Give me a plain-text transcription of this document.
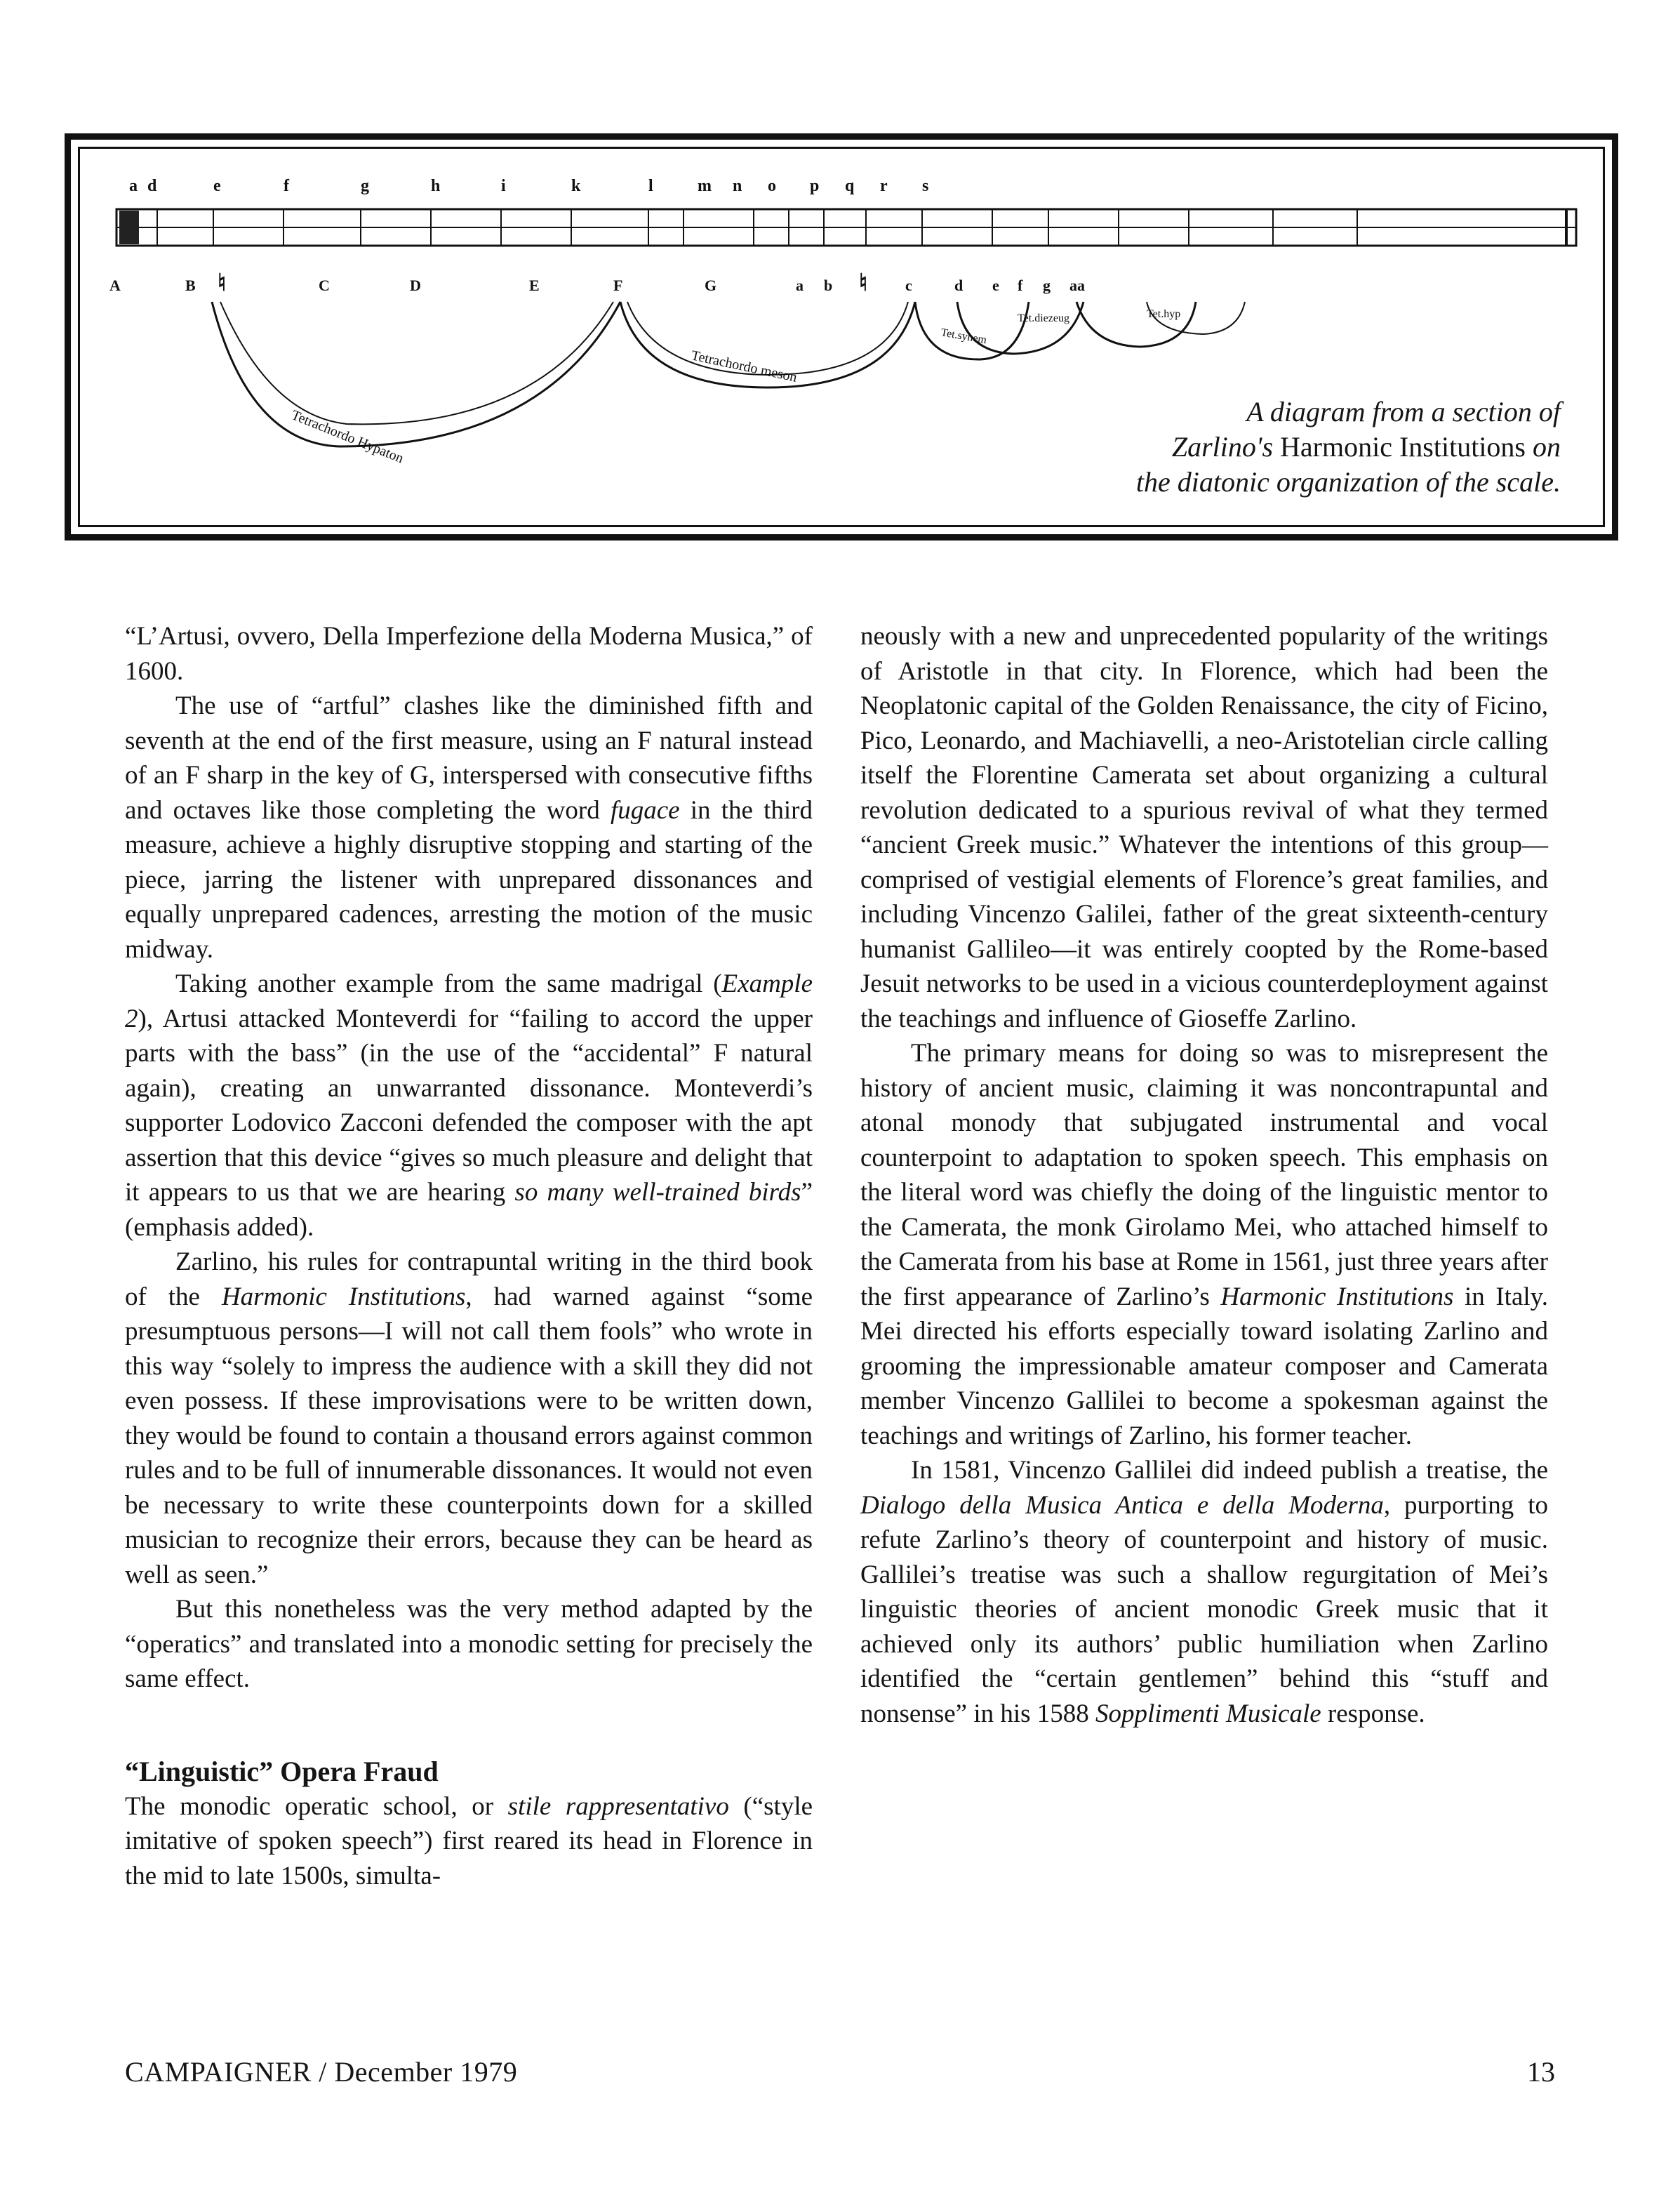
a d	e	f	g	h	i	k	l	m n o p q r s
A	B ♮	C	D	E	F	G	a b ♮ c	d e f g aa
Tetrachordo Hypaton
Tetrachordo meson
Tet.synem
Tet.diezeug	Tet.hyp
A diagram from a section of
Zarlino's Harmonic Institutions on
the diatonic organization of the scale.

“L’Artusi, ovvero, Della Imperfezione della Moderna Musica,” of 1600.

The use of “artful” clashes like the diminished fifth and seventh at the end of the first measure, using an F natural instead of an F sharp in the key of G, interspersed with consecutive fifths and octaves like those completing the word fugace in the third measure, achieve a highly disruptive stopping and starting of the piece, jarring the listener with unprepared dissonances and equally unprepared cadences, arresting the motion of the music midway.

Taking another example from the same madrigal (Example 2), Artusi attacked Monteverdi for “failing to accord the upper parts with the bass” (in the use of the “accidental” F natural again), creating an unwarranted dissonance. Monteverdi’s supporter Lodovico Zacconi defended the composer with the apt assertion that this device “gives so much pleasure and delight that it appears to us that we are hearing so many well-trained birds” (emphasis added).

Zarlino, his rules for contrapuntal writing in the third book of the Harmonic Institutions, had warned against “some presumptuous persons—I will not call them fools” who wrote in this way “solely to impress the audience with a skill they did not even possess. If these improvisations were to be written down, they would be found to contain a thousand errors against common rules and to be full of innumerable dissonances. It would not even be necessary to write these counterpoints down for a skilled musician to recognize their errors, because they can be heard as well as seen.”

But this nonetheless was the very method adapted by the “operatics” and translated into a monodic setting for precisely the same effect.

“Linguistic” Opera Fraud

The monodic operatic school, or stile rappresentativo (“style imitative of spoken speech”) first reared its head in Florence in the mid to late 1500s, simulta-

neously with a new and unprecedented popularity of the writings of Aristotle in that city. In Florence, which had been the Neoplatonic capital of the Golden Renaissance, the city of Ficino, Pico, Leonardo, and Machiavelli, a neo-Aristotelian circle calling itself the Florentine Camerata set about organizing a cultural revolution dedicated to a spurious revival of what they termed “ancient Greek music.” Whatever the intentions of this group—comprised of vestigial elements of Florence’s great families, and including Vincenzo Galilei, father of the great sixteenth-century humanist Gallileo—it was entirely coopted by the Rome-based Jesuit networks to be used in a vicious counterdeployment against the teachings and influence of Gioseffe Zarlino.

The primary means for doing so was to misrepresent the history of ancient music, claiming it was noncontrapuntal and atonal monody that subjugated instrumental and vocal counterpoint to adaptation to spoken speech. This emphasis on the literal word was chiefly the doing of the linguistic mentor to the Camerata, the monk Girolamo Mei, who attached himself to the Camerata from his base at Rome in 1561, just three years after the first appearance of Zarlino’s Harmonic Institutions in Italy. Mei directed his efforts especially toward isolating Zarlino and grooming the impressionable amateur composer and Camerata member Vincenzo Gallilei to become a spokesman against the teachings and writings of Zarlino, his former teacher.

In 1581, Vincenzo Gallilei did indeed publish a treatise, the Dialogo della Musica Antica e della Moderna, purporting to refute Zarlino’s theory of counterpoint and history of music. Gallilei’s treatise was such a shallow regurgitation of Mei’s linguistic theories of ancient monodic Greek music that it achieved only its authors’ public humiliation when Zarlino identified the “certain gentlemen” behind this “stuff and nonsense” in his 1588 Sopplimenti Musicale response.

CAMPAIGNER / December 1979	13
